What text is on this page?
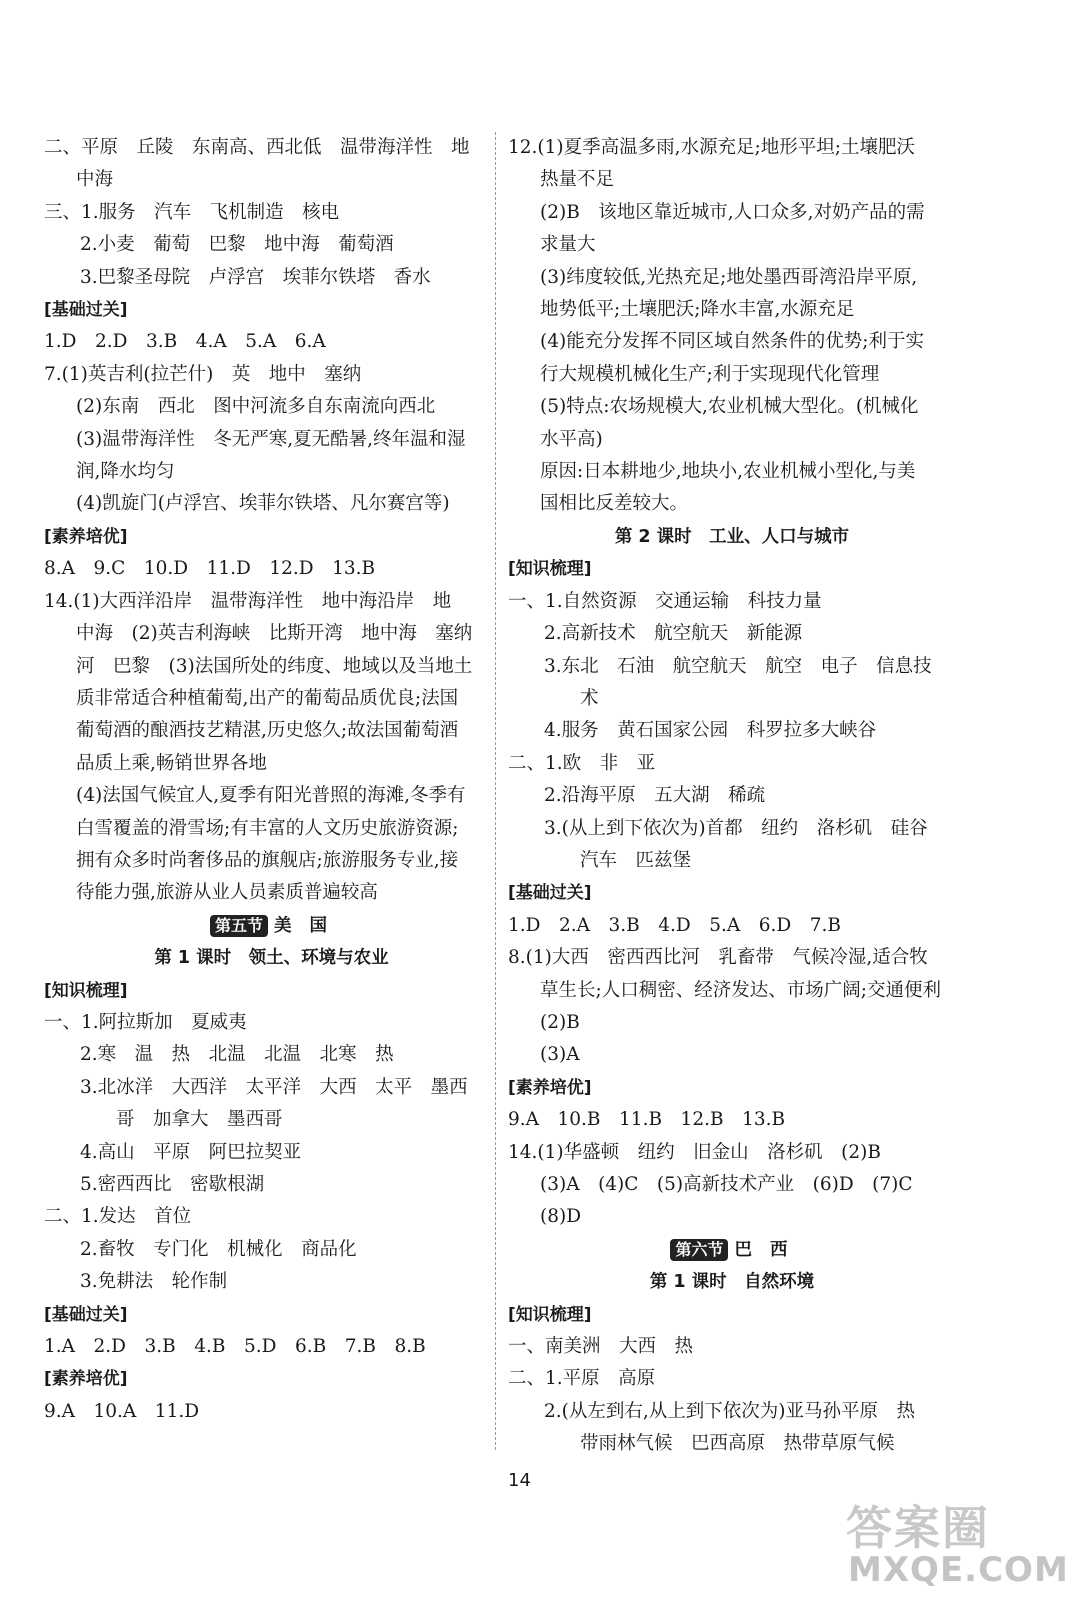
二、平原　丘陵　东南高、西北低　温带海洋性　地
中海
三、1.服务　汽车　飞机制造　核电
2.小麦　葡萄　巴黎　地中海　葡萄酒
3.巴黎圣母院　卢浮宫　埃菲尔铁塔　香水
[基础过关]
1.D　2.D　3.B　4.A　5.A　6.A
7.(1)英吉利(拉芒什)　英　地中　塞纳
(2)东南　西北　图中河流多自东南流向西北
(3)温带海洋性　冬无严寒,夏无酷暑,终年温和湿
润,降水均匀
(4)凯旋门(卢浮宫、埃菲尔铁塔、凡尔赛宫等)
[素养培优]
8.A　9.C　10.D　11.D　12.D　13.B
14.(1)大西洋沿岸　温带海洋性　地中海沿岸　地
中海　(2)英吉利海峡　比斯开湾　地中海　塞纳
河　巴黎　(3)法国所处的纬度、地域以及当地土
质非常适合种植葡萄,出产的葡萄品质优良;法国
葡萄酒的酿酒技艺精湛,历史悠久;故法国葡萄酒
品质上乘,畅销世界各地
(4)法国气候宜人,夏季有阳光普照的海滩,冬季有
白雪覆盖的滑雪场;有丰富的人文历史旅游资源;
拥有众多时尚奢侈品的旗舰店;旅游服务专业,接
待能力强,旅游从业人员素质普遍较高
第五节 美 国
第 1 课时　领土、环境与农业
[知识梳理]
一、1.阿拉斯加　夏威夷
2.寒　温　热　北温　北温　北寒　热
3.北冰洋　大西洋　太平洋　大西　太平　墨西
哥　加拿大　墨西哥
4.高山　平原　阿巴拉契亚
5.密西西比　密歇根湖
二、1.发达　首位
2.畜牧　专门化　机械化　商品化
3.免耕法　轮作制
[基础过关]
1.A　2.D　3.B　4.B　5.D　6.B　7.B　8.B
[素养培优]
9.A　10.A　11.D
12.(1)夏季高温多雨,水源充足;地形平坦;土壤肥沃
热量不足
(2)B　该地区靠近城市,人口众多,对奶产品的需
求量大
(3)纬度较低,光热充足;地处墨西哥湾沿岸平原,
地势低平;土壤肥沃;降水丰富,水源充足
(4)能充分发挥不同区域自然条件的优势;利于实
行大规模机械化生产;利于实现现代化管理
(5)特点:农场规模大,农业机械大型化。(机械化
水平高)
原因:日本耕地少,地块小,农业机械小型化,与美
国相比反差较大。
第 2 课时　工业、人口与城市
[知识梳理]
一、1.自然资源　交通运输　科技力量
2.高新技术　航空航天　新能源
3.东北　石油　航空航天　航空　电子　信息技
术
4.服务　黄石国家公园　科罗拉多大峡谷
二、1.欧　非　亚
2.沿海平原　五大湖　稀疏
3.(从上到下依次为)首都　纽约　洛杉矶　硅谷
汽车　匹兹堡
[基础过关]
1.D　2.A　3.B　4.D　5.A　6.D　7.B
8.(1)大西　密西西比河　乳畜带　气候冷湿,适合牧
草生长;人口稠密、经济发达、市场广阔;交通便利
(2)B
(3)A
[素养培优]
9.A　10.B　11.B　12.B　13.B
14.(1)华盛顿　纽约　旧金山　洛杉矶　(2)B
(3)A　(4)C　(5)高新技术产业　(6)D　(7)C
(8)D
第六节 巴 西
第 1 课时　自然环境
[知识梳理]
一、南美洲　大西　热
二、1.平原　高原
2.(从左到右,从上到下依次为)亚马孙平原　热
带雨林气候　巴西高原　热带草原气候
14
答案圈
MXQE.COM
